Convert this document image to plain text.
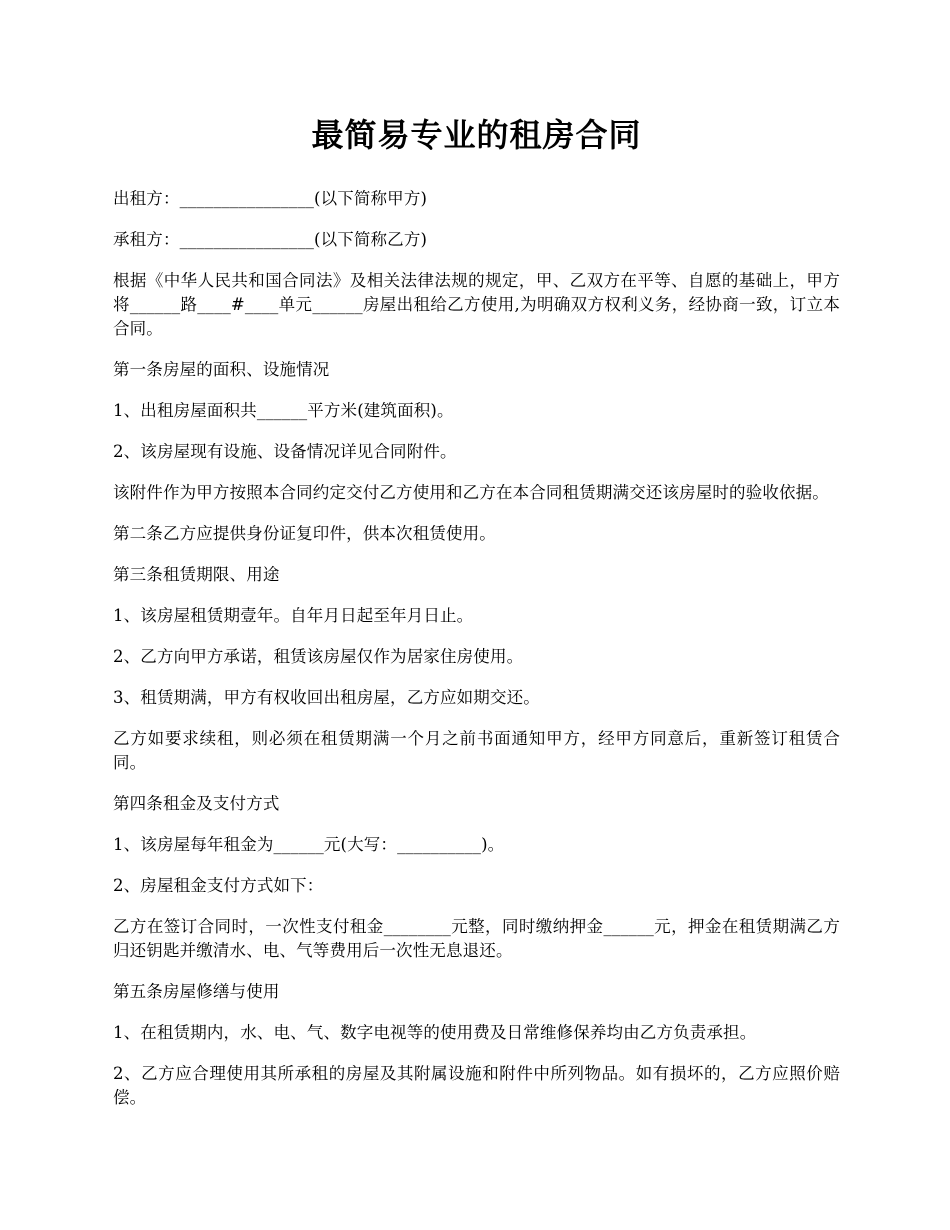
最简易专业的租房合同

出租方：________________(以下简称甲方)

承租方：________________(以下简称乙方)

根据《中华人民共和国合同法》及相关法律法规的规定，甲、乙双方在平等、自愿的基础上，甲方将______路____#____单元______房屋出租给乙方使用,为明确双方权利义务，经协商一致，订立本合同。

第一条房屋的面积、设施情况

1、出租房屋面积共______平方米(建筑面积)。

2、该房屋现有设施、设备情况详见合同附件。

该附件作为甲方按照本合同约定交付乙方使用和乙方在本合同租赁期满交还该房屋时的验收依据。

第二条乙方应提供身份证复印件，供本次租赁使用。

第三条租赁期限、用途

1、该房屋租赁期壹年。自年月日起至年月日止。

2、乙方向甲方承诺，租赁该房屋仅作为居家住房使用。

3、租赁期满，甲方有权收回出租房屋，乙方应如期交还。

乙方如要求续租，则必须在租赁期满一个月之前书面通知甲方，经甲方同意后，重新签订租赁合同。

第四条租金及支付方式

1、该房屋每年租金为______元(大写：__________)。

2、房屋租金支付方式如下：

乙方在签订合同时，一次性支付租金________元整，同时缴纳押金______元，押金在租赁期满乙方归还钥匙并缴清水、电、气等费用后一次性无息退还。

第五条房屋修缮与使用

1、在租赁期内，水、电、气、数字电视等的使用费及日常维修保养均由乙方负责承担。

2、乙方应合理使用其所承租的房屋及其附属设施和附件中所列物品。如有损坏的，乙方应照价赔偿。
